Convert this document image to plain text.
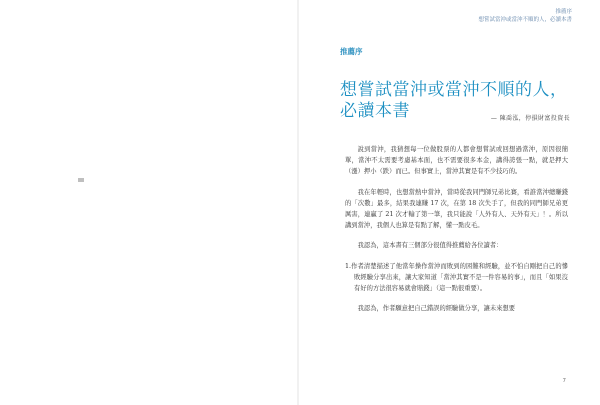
推薦序
想嘗試當沖或當沖不順的人，必讀本書
推薦序
想嘗試當沖或當沖不順的人，
必讀本書	— 陳喬泓，停損財富投資長

說到當沖，我猜想每一位做股票的人都會想嘗試或回想過當沖，原因很簡單，當沖不太需要考慮基本面，也不需要很多本金，講得誇張一點，就是押大（漲）押小（跌）而已。但事實上，當沖其實是有不少技巧的。

我在年輕時，也想當熱中當沖，當時從我同門師兄弟比賽，看誰當沖總賺錢的「次數」最多，結果我連賺 17 次，在第 18 次失手了，但我的同門師兄弟更厲害，連贏了 21 次才輸了第一筆，我只能說「人外有人、天外有天」！。所以講到當沖，我個人也算是有點了解，懂一點皮毛。

我認為，這本書有三個部分很值得推薦給各位讀者：

1.作者清楚描述了他當年操作當沖而敗到的困難和經驗，並不怕自剛把自己的慘敗經驗分享出來，讓大家知道「當沖其實不是一件容易的事」，而且「如果沒有好的方法很容易就會賠錢」（這一點很重要）。

我認為，作者願意把自己錯誤的經驗做分享，讓未來想要

7
